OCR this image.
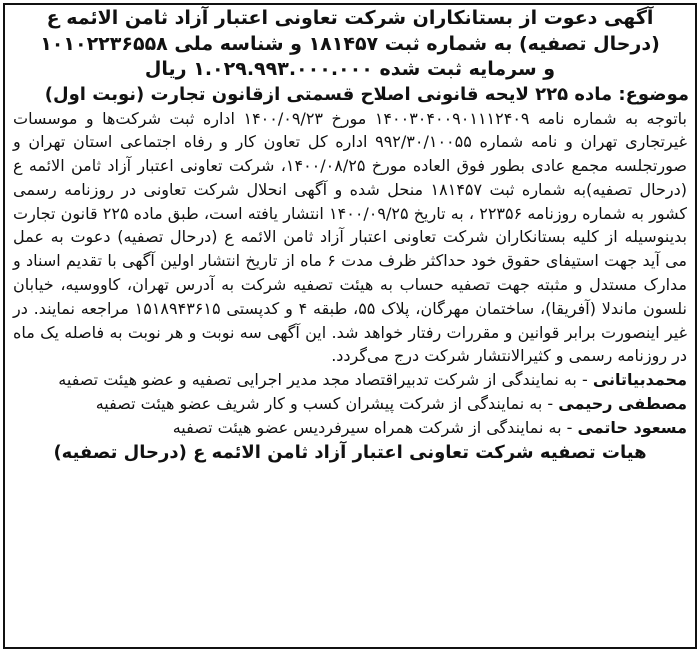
آگهی دعوت از بستانکاران شرکت تعاونی اعتبار آزاد ثامن الائمه ع
(درحال تصفیه) به شماره ثبت ۱۸۱۴۵۷ و شناسه ملی ۱۰۱۰۲۲۳۶۵۵۸
و سرمایه ثبت شده ۱.۰۲۹.۹۹۳.۰۰۰.۰۰۰ ریال
موضوع: ماده ۲۲۵ لایحه قانونی اصلاح قسمتی ازقانون تجارت (نوبت اول)

باتوجه به شماره نامه ۱۴۰۰۳۰۴۰۰۹۰۱۱۱۲۴۰۹ مورخ ۱۴۰۰/۰۹/۲۳ اداره ثبت شرکت‌ها و موسسات غیرتجاری تهران و نامه شماره ۹۹۲/۳۰/۱۰۰۵۵ اداره کل تعاون کار و رفاه اجتماعی استان تهران و صورتجلسه مجمع عادی بطور فوق العاده مورخ ۱۴۰۰/۰۸/۲۵، شرکت تعاونی اعتبار آزاد ثامن الائمه ع (درحال تصفیه)به شماره ثبت ۱۸۱۴۵۷ منحل شده و آگهی انحلال شرکت تعاونی در روزنامه رسمی کشور به شماره روزنامه ۲۲۳۵۶ ، به تاریخ ۱۴۰۰/۰۹/۲۵ انتشار یافته است، طبق ماده ۲۲۵ قانون تجارت بدینوسیله از کلیه بستانکاران شرکت تعاونی اعتبار آزاد ثامن الائمه ع (درحال تصفیه) دعوت به عمل می آید جهت استیفای حقوق خود حداکثر ظرف مدت ۶ ماه از تاریخ انتشار اولین آگهی با تقدیم اسناد و مدارک مستدل و مثبته جهت تصفیه حساب به هیئت تصفیه شرکت به آدرس تهران، کاووسیه، خیابان نلسون ماندلا (آفریقا)، ساختمان مهرگان، پلاک ۵۵، طبقه ۴ و کدپستی ۱۵۱۸۹۴۳۶۱۵ مراجعه نمایند. در غیر اینصورت برابر قوانین و مقررات رفتار خواهد شد. این آگهی سه نوبت و هر نوبت به فاصله یک ماه در روزنامه رسمی و کثیرالانتشار شرکت درج می‌گردد.

محمدبیاتانی - به نمایندگی از شرکت تدبیراقتصاد مجد مدیر اجرایی تصفیه و عضو هیئت تصفیه

مصطفی رحیمی - به نمایندگی از شرکت پیشران کسب و کار شریف عضو هیئت تصفیه

مسعود حاتمی - به نمایندگی از شرکت همراه سیرفردیس عضو هیئت تصفیه

هیات تصفیه شرکت تعاونی اعتبار آزاد ثامن الائمه ع (درحال تصفیه)
